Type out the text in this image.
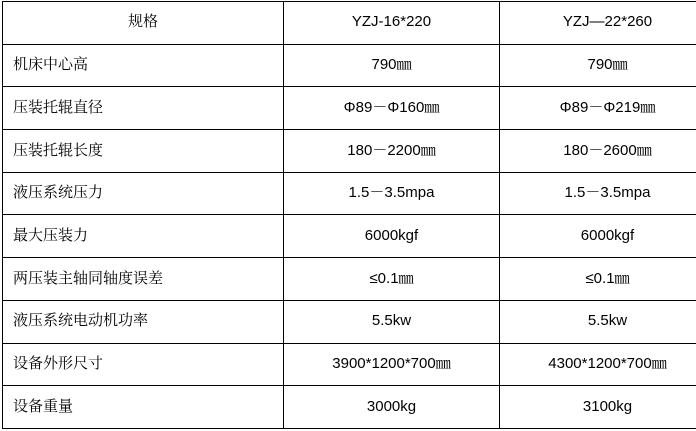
规格	YZJ-16*220	YZJ—22*260
机床中心高	790㎜	790㎜
压装托辊直径	Φ89－Φ160㎜	Φ89－Φ219㎜
压装托辊长度	180－2200㎜	180－2600㎜
液压系统压力	1.5－3.5mpa	1.5－3.5mpa
最大压装力	6000kgf	6000kgf
两压装主轴同轴度误差	≤0.1㎜	≤0.1㎜
液压系统电动机功率	5.5kw	5.5kw
设备外形尺寸	3900*1200*700㎜	4300*1200*700㎜
设备重量	3000kg	3100kg
